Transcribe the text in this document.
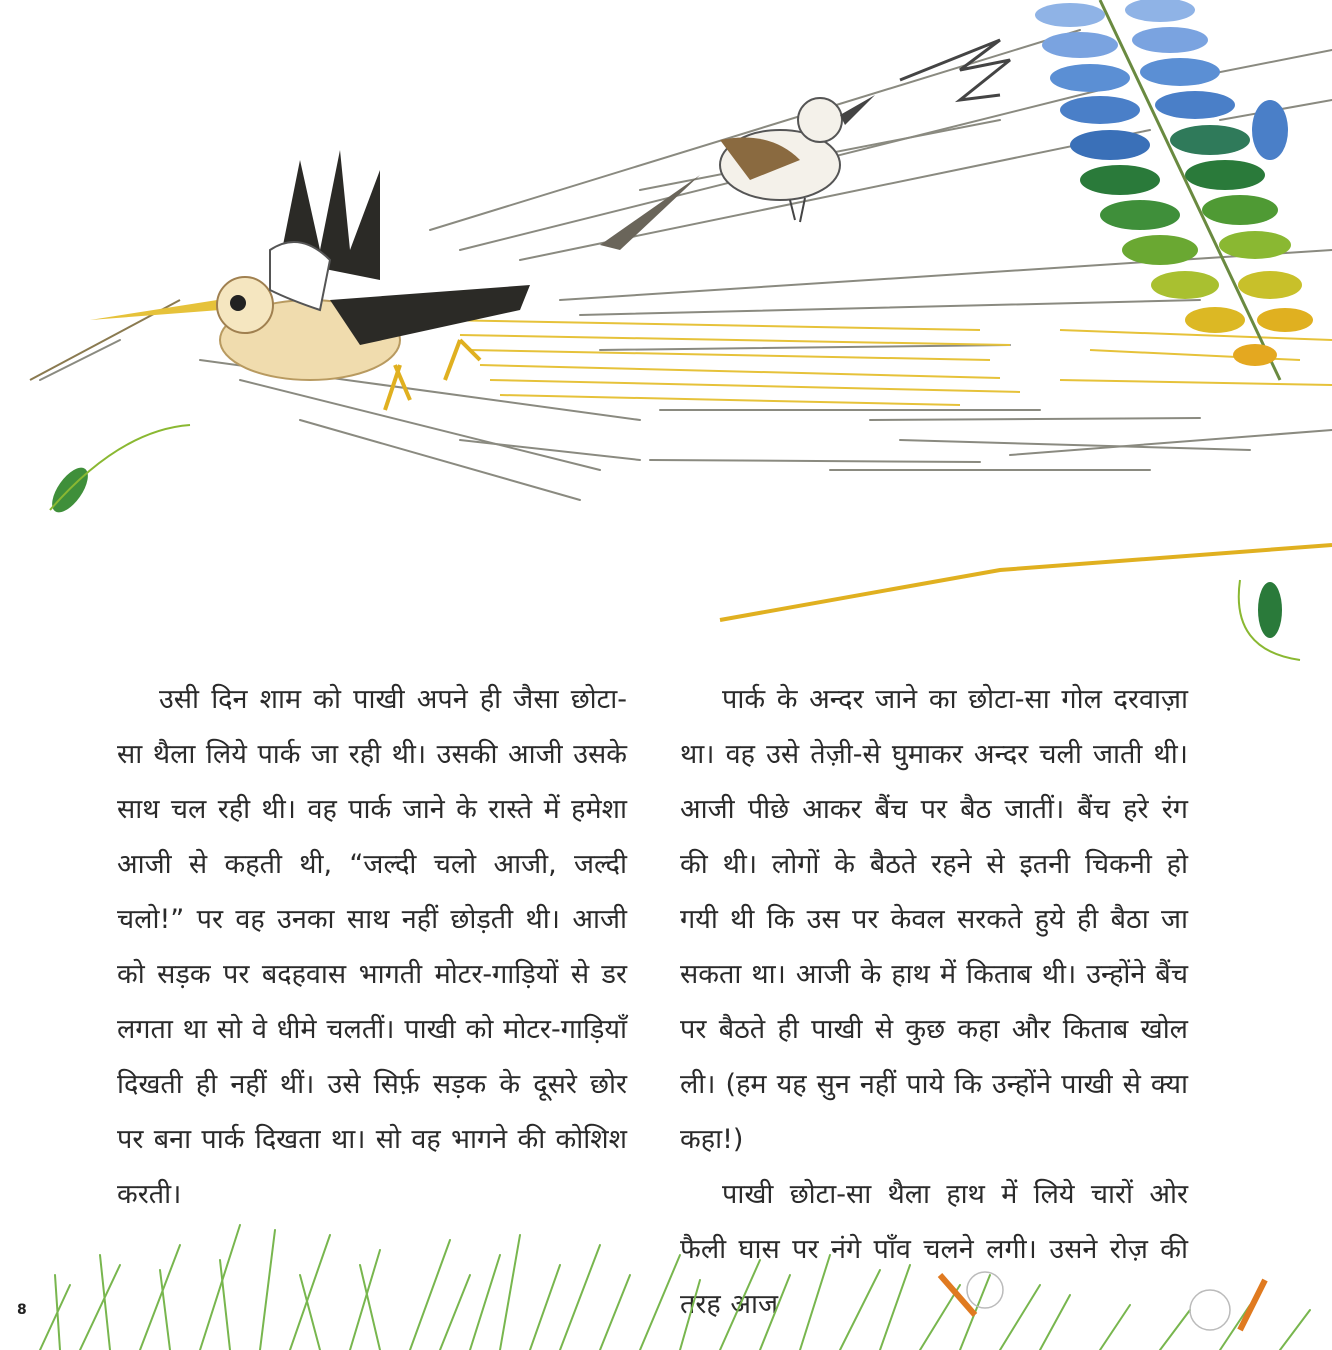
उसी दिन शाम को पाखी अपने ही जैसा छोटा-सा थैला लिये पार्क जा रही थी। उसकी आजी उसके साथ चल रही थी। वह पार्क जाने के रास्ते में हमेशा आजी से कहती थी, “जल्दी चलो आजी, जल्दी चलो!” पर वह उनका साथ नहीं छोड़ती थी। आजी को सड़क पर बदहवास भागती मोटर-गाड़ियों से डर लगता था सो वे धीमे चलतीं। पाखी को मोटर-गाड़ियाँ दिखती ही नहीं थीं। उसे सिर्फ़ सड़क के दूसरे छोर पर बना पार्क दिखता था। सो वह भागने की कोशिश करती।

पार्क के अन्दर जाने का छोटा-सा गोल दरवाज़ा था। वह उसे तेज़ी-से घुमाकर अन्दर चली जाती थी। आजी पीछे आकर बैंच पर बैठ जातीं। बैंच हरे रंग की थी। लोगों के बैठते रहने से इतनी चिकनी हो गयी थी कि उस पर केवल सरकते हुये ही बैठा जा सकता था। आजी के हाथ में किताब थी। उन्होंने बैंच पर बैठते ही पाखी से कुछ कहा और किताब खोल ली। (हम यह सुन नहीं पाये कि उन्होंने पाखी से क्या कहा!)

पाखी छोटा-सा थैला हाथ में लिये चारों ओर फैली घास पर नंगे पाँव चलने लगी। उसने रोज़ की तरह आज

8
